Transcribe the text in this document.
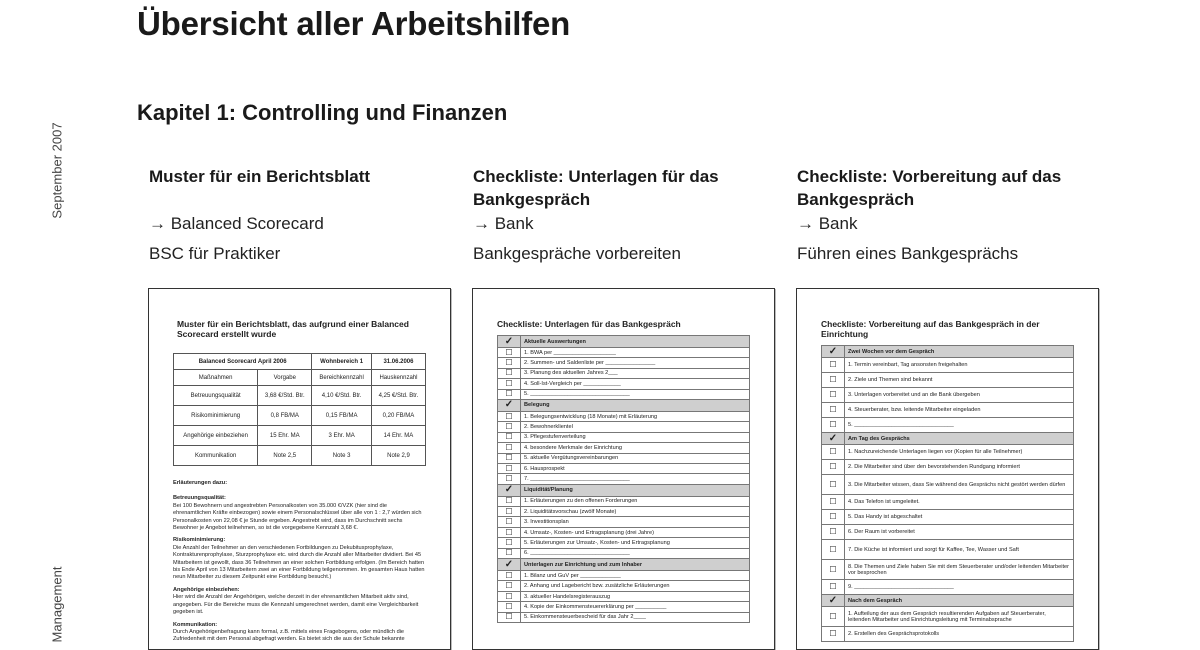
September 2007
Management
Übersicht aller Arbeitshilfen
Kapitel 1: Controlling und Finanzen

Muster für ein Berichtsblatt

→ Balanced Scorecard

BSC für Praktiker

Checkliste: Unterlagen für das Bankgespräch

→ Bank

Bankgespräche vorbereiten

Checkliste: Vorbereitung auf das Bankgespräch

→ Bank

Führen eines Bankgesprächs

Muster für ein Berichtsblatt, das aufgrund einer Balanced Scorecard erstellt wurde

Balanced Scorecard April 2006		Wohnbereich 1	31.06.2006
Maßnahmen	Vorgabe	Bereichkennzahl	Hauskennzahl
Betreuungsqualität	3,68 €/Std. Btr.	4,10 €/Std. Btr.	4,25 €/Std. Btr.
Risikominimierung	0,8 FB/MA	0,15 FB/MA	0,20 FB/MA
Angehörige einbeziehen	15 Ehr. MA	3 Ehr. MA	14 Ehr. MA
Kommunikation	Note 2,5	Note 3	Note 2,9

Erläuterungen dazu:

Betreuungsqualität:
Bei 100 Bewohnern und angestrebten Personalkosten von 35.000 €/VZK (hier sind die ehrenamtlichen Kräfte einbezogen) sowie einem Personalschlüssel über alle von 1 : 2,7 würden sich Personalkosten von 22,08 € je Stunde ergeben. Angestrebt wird, dass im Durchschnitt sechs Bewohner je Angebot teilnehmen, so ist die vorgegebene Kennzahl 3,68 €.

Risikominimierung:
Die Anzahl der Teilnehmer an den verschiedenen Fortbildungen zu Dekubitusprophylaxe, Kontrakturenprophylaxe, Sturzprophylaxe etc. wird durch die Anzahl aller Mitarbeiter dividiert. Bei 45 Mitarbeitern ist gewollt, dass 36 Teilnehmen an einer solchen Fortbildung erfolgen. (Im Bereich hatten bis Ende April von 13 Mitarbeitern zwei an einer Fortbildung teilgenommen. Im gesamten Haus hatten neun Mitarbeiter zu diesem Zeitpunkt eine Fortbildung besucht.)

Angehörige einbeziehen:
Hier wird die Anzahl der Angehörigen, welche derzeit in der ehrenamtlichen Mitarbeit aktiv sind, angegeben. Für die Bereiche muss die Kennzahl umgerechnet werden, damit eine Vergleichbarkeit gegeben ist.

Kommunikation:
Durch Angehörigenbefragung kann formal, z.B. mittels eines Fragebogens, oder mündlich die Zufriedenheit mit dem Personal abgefragt werden. Es bietet sich die aus der Schule bekannte

Checkliste: Unterlagen für das Bankgespräch

✓	Aktuelle Auswertungen
☐	1. BWA per ____________________
☐	2. Summen- und Saldenliste per ________________
☐	3. Planung des aktuellen Jahres 2___
☐	4. Soll-Ist-Vergleich per ____________
☐	5. ________________________________
✓	Belegung
☐	1. Belegungsentwicklung (18 Monate) mit Erläuterung
☐	2. Bewohnerklientel
☐	3. Pflegestufenverteilung
☐	4. besondere Merkmale der Einrichtung
☐	5. aktuelle Vergütungsvereinbarungen
☐	6. Hausprospekt
☐	7. ________________________________
✓	Liquidität/Planung
☐	1. Erläuterungen zu den offenen Forderungen
☐	2. Liquiditätsvorschau (zwölf Monate)
☐	3. Investitionsplan
☐	4. Umsatz-, Kosten- und Ertragsplanung (drei Jahre)
☐	5. Erläuterungen zur Umsatz-, Kosten- und Ertragsplanung
☐	6. ________________________________
✓	Unterlagen zur Einrichtung und zum Inhaber
☐	1. Bilanz und GuV per _____________
☐	2. Anhang und Lagebericht bzw. zusätzliche Erläuterungen
☐	3. aktueller Handelsregisterauszug
☐	4. Kopie der Einkommensteuererklärung per __________
☐	5. Einkommensteuerbescheid für das Jahr 2____

Checkliste: Vorbereitung auf das Bankgespräch in der Einrichtung

✓	Zwei Wochen vor dem Gespräch
☐	1. Termin vereinbart, Tag ansonsten freigehalten
☐	2. Ziele und Themen sind bekannt
☐	3. Unterlagen vorbereitet und an die Bank übergeben
☐	4. Steuerberater, bzw. leitende Mitarbeiter eingeladen
☐	5. ________________________________
✓	Am Tag des Gesprächs
☐	1. Nachzureichende Unterlagen liegen vor (Kopien für alle Teilnehmer)
☐	2. Die Mitarbeiter sind über den bevorstehenden Rundgang informiert
☐	3. Die Mitarbeiter wissen, dass Sie während des Gesprächs nicht gestört werden dürfen
☐	4. Das Telefon ist umgeleitet.
☐	5. Das Handy ist abgeschaltet
☐	6. Der Raum ist vorbereitet
☐	7. Die Küche ist informiert und sorgt für Kaffee, Tee, Wasser und Saft
☐	8. Die Themen und Ziele haben Sie mit dem Steuerberater und/oder leitenden Mitarbeiter vor besprochen
☐	9. ________________________________
✓	Nach dem Gespräch
☐	1. Aufteilung der aus dem Gespräch resultierenden Aufgaben auf Steuerberater, leitenden Mitarbeiter und Einrichtungsleitung mit Terminabsprache
☐	2. Erstellen des Gesprächsprotokolls
